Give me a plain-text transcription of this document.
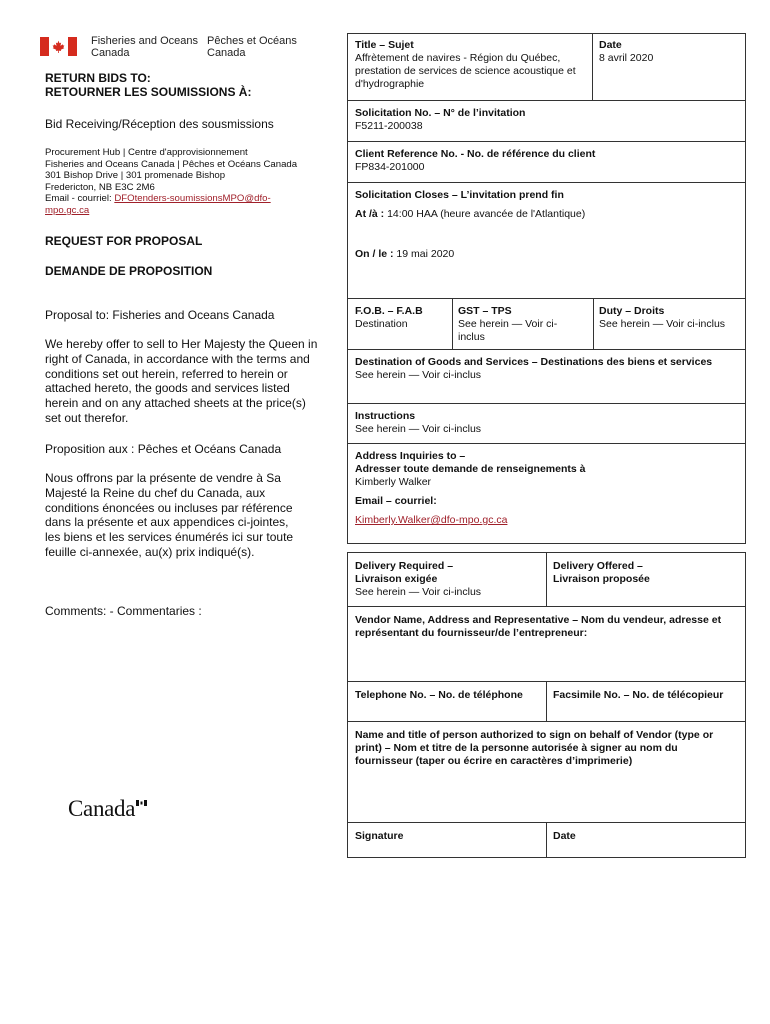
Fisheries and Oceans
Canada
Pêches et Océans
Canada
RETURN BIDS TO:
RETOURNER LES SOUMISSIONS À:
Bid Receiving/Réception des sousmissions
Procurement Hub | Centre d'approvisionnement
Fisheries and Oceans Canada | Pêches et Océans Canada
301 Bishop Drive | 301 promenade Bishop
Fredericton, NB E3C 2M6
Email - courriel: DFOtenders-soumissionsMPO@dfo-
mpo.gc.ca
REQUEST FOR PROPOSAL
DEMANDE DE PROPOSITION
Proposal to: Fisheries and Oceans Canada
We hereby offer to sell to Her Majesty the Queen in right of Canada, in accordance with the terms and conditions set out herein, referred to herein or attached hereto, the goods and services listed herein and on any attached sheets at the price(s) set out therefor.
Proposition aux : Pêches et Océans Canada
Nous offrons par la présente de vendre à Sa Majesté la Reine du chef du Canada, aux conditions énoncées ou incluses par référence dans la présente et aux appendices ci-jointes, les biens et les services énumérés ici sur toute feuille ci-annexée, au(x) prix indiqué(s).
Comments: - Commentaries :
Canada
Title – Sujet
Affrètement de navires - Région du Québec, prestation de services de science acoustique et d'hydrographie
Date
8 avril 2020
Solicitation No. – N° de l’invitation
F5211-200038
Client Reference No. - No. de référence du client
FP834-201000
Solicitation Closes – L’invitation prend fin
At /à : 14:00 HAA (heure avancée de l'Atlantique)
On / le : 19 mai 2020
F.O.B. – F.A.B
Destination
GST – TPS
See herein — Voir ci-inclus
Duty – Droits
See herein — Voir ci-inclus
Destination of Goods and Services – Destinations des biens et services
See herein — Voir ci-inclus
Instructions
See herein — Voir ci-inclus
Address Inquiries to –
Adresser toute demande de renseignements à
Kimberly Walker
Email – courriel:
Kimberly.Walker@dfo-mpo.gc.ca
Delivery Required –
Livraison exigée
See herein — Voir ci-inclus
Delivery Offered –
Livraison proposée
Vendor Name, Address and Representative – Nom du vendeur, adresse et représentant du fournisseur/de l’entrepreneur:
Telephone No. – No. de téléphone	Facsimile No. – No. de télécopieur
Name and title of person authorized to sign on behalf of Vendor (type or print) – Nom et titre de la personne autorisée à signer au nom du fournisseur (taper ou écrire en caractères d’imprimerie)
Signature	Date
